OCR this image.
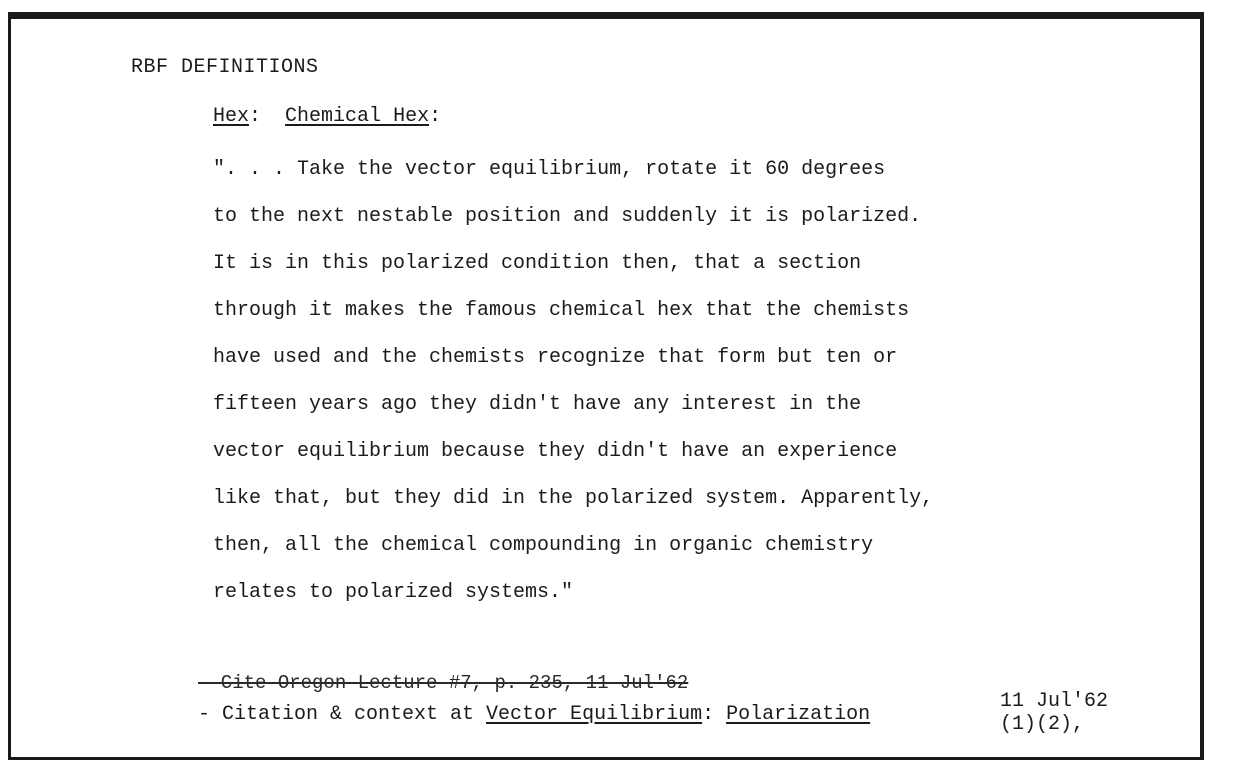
RBF DEFINITIONS
Hex: Chemical Hex:
". . . Take the vector equilibrium, rotate it 60 degrees
to the next nestable position and suddenly it is polarized.
It is in this polarized condition then, that a section
through it makes the famous chemical hex that the chemists
have used and the chemists recognize that form but ten or
fifteen years ago they didn't have any interest in the
vector equilibrium because they didn't have an experience
like that, but they did in the polarized system. Apparently,
then, all the chemical compounding in organic chemistry
relates to polarized systems."
- Cite Oregon Lecture #7, p. 235, 11 Jul'62
- Citation & context at Vector Equilibrium: Polarization
11 Jul'62
(1)(2),
